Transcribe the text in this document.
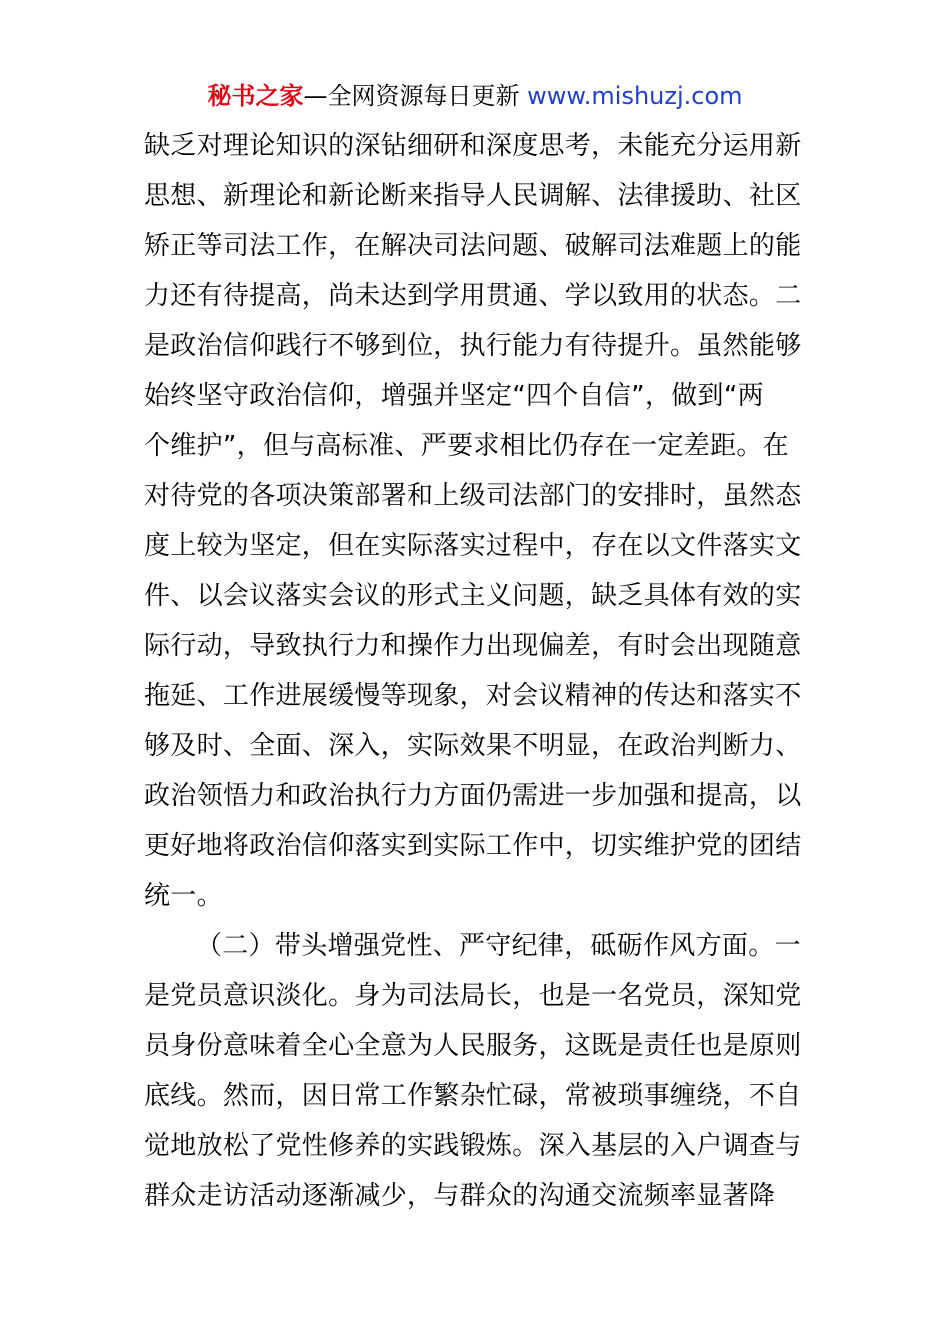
秘书之家—全网资源每日更新 www.mishuzj.com
缺乏对理论知识的深钻细研和深度思考，未能充分运用新
思想、新理论和新论断来指导人民调解、法律援助、社区
矫正等司法工作，在解决司法问题、破解司法难题上的能
力还有待提高，尚未达到学用贯通、学以致用的状态。二
是政治信仰践行不够到位，执行能力有待提升。虽然能够
始终坚守政治信仰，增强并坚定“四个自信”，做到“两
个维护”，但与高标准、严要求相比仍存在一定差距。在
对待党的各项决策部署和上级司法部门的安排时，虽然态
度上较为坚定，但在实际落实过程中，存在以文件落实文
件、以会议落实会议的形式主义问题，缺乏具体有效的实
际行动，导致执行力和操作力出现偏差，有时会出现随意
拖延、工作进展缓慢等现象，对会议精神的传达和落实不
够及时、全面、深入，实际效果不明显，在政治判断力、
政治领悟力和政治执行力方面仍需进一步加强和提高，以
更好地将政治信仰落实到实际工作中，切实维护党的团结
统一。
（二）带头增强党性、严守纪律，砥砺作风方面。一
是党员意识淡化。身为司法局长，也是一名党员，深知党
员身份意味着全心全意为人民服务，这既是责任也是原则
底线。然而，因日常工作繁杂忙碌，常被琐事缠绕，不自
觉地放松了党性修养的实践锻炼。深入基层的入户调查与
群众走访活动逐渐减少，与群众的沟通交流频率显著降
